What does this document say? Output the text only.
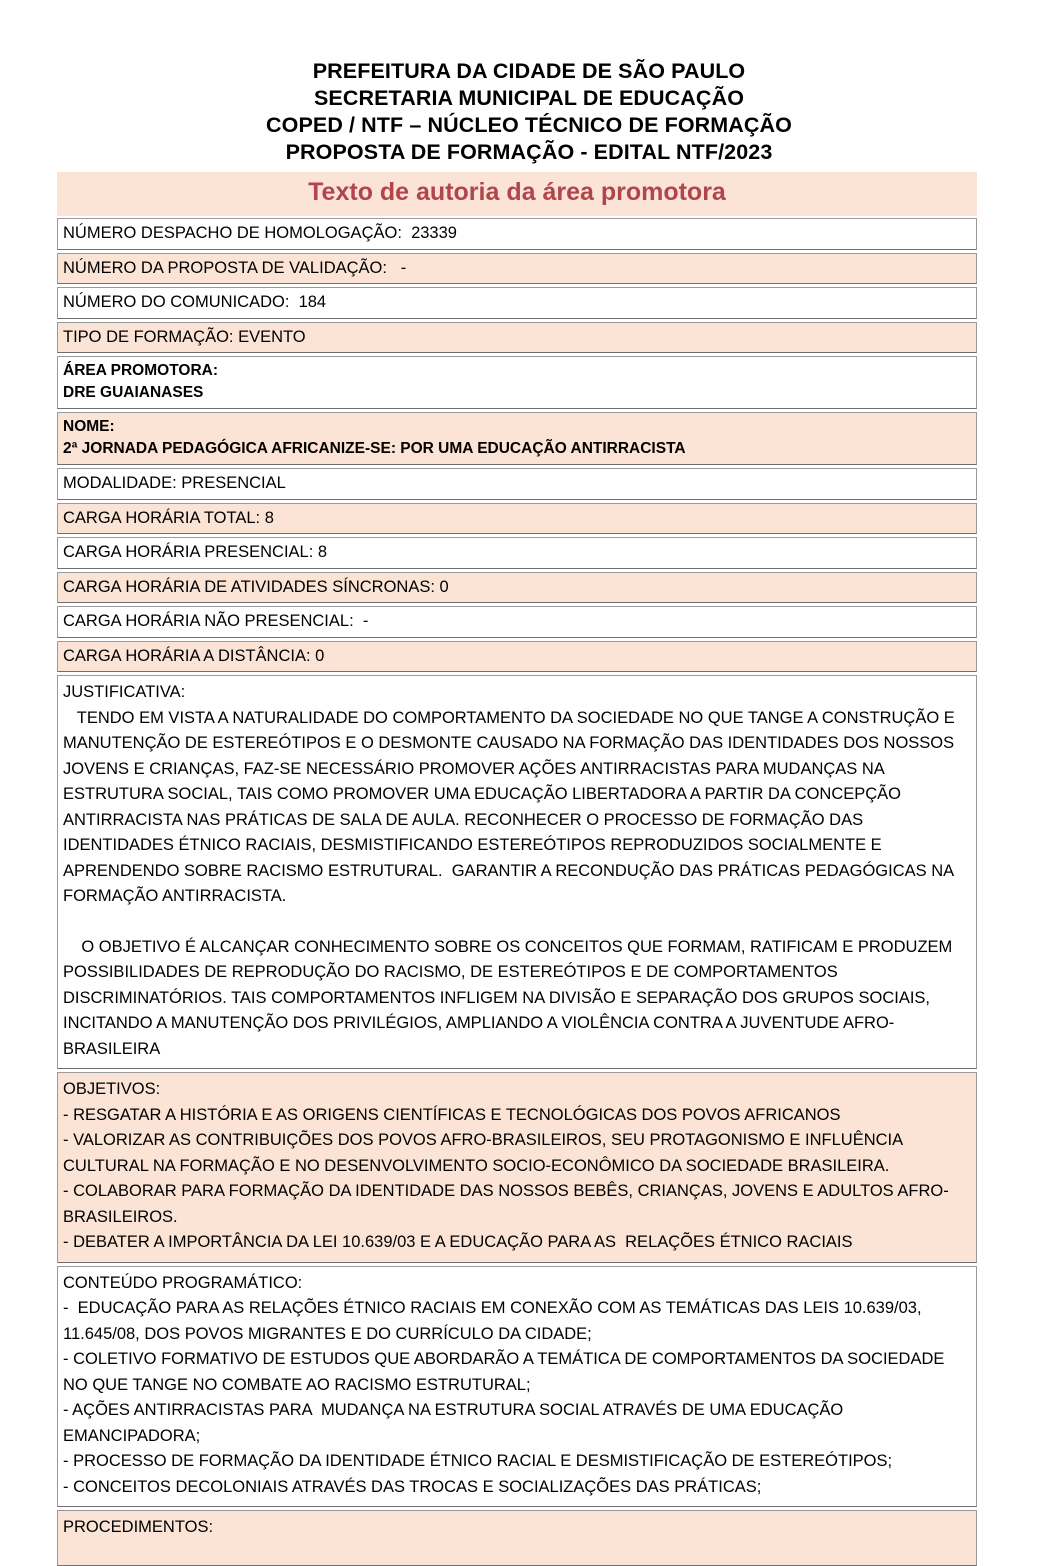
PREFEITURA DA CIDADE DE SÃO PAULO
SECRETARIA MUNICIPAL DE EDUCAÇÃO
COPED / NTF – NÚCLEO TÉCNICO DE FORMAÇÃO
PROPOSTA DE FORMAÇÃO - EDITAL NTF/2023
Texto de autoria da área promotora
NÚMERO DESPACHO DE HOMOLOGAÇÃO:  23339
NÚMERO DA PROPOSTA DE VALIDAÇÃO:   -
NÚMERO DO COMUNICADO:  184
TIPO DE FORMAÇÃO: EVENTO
ÁREA PROMOTORA:
DRE GUAIANASES
NOME:
2ª JORNADA PEDAGÓGICA AFRICANIZE-SE: POR UMA EDUCAÇÃO ANTIRRACISTA
MODALIDADE: PRESENCIAL
CARGA HORÁRIA TOTAL: 8
CARGA HORÁRIA PRESENCIAL: 8
CARGA HORÁRIA DE ATIVIDADES SÍNCRONAS: 0
CARGA HORÁRIA NÃO PRESENCIAL:  -
CARGA HORÁRIA A DISTÂNCIA: 0
JUSTIFICATIVA:
TENDO EM VISTA A NATURALIDADE DO COMPORTAMENTO DA SOCIEDADE NO QUE TANGE A CONSTRUÇÃO E MANUTENÇÃO DE ESTEREÓTIPOS E O DESMONTE CAUSADO NA FORMAÇÃO DAS IDENTIDADES DOS NOSSOS JOVENS E CRIANÇAS, FAZ-SE NECESSÁRIO PROMOVER AÇÕES ANTIRRACISTAS PARA MUDANÇAS NA ESTRUTURA SOCIAL, TAIS COMO PROMOVER UMA EDUCAÇÃO LIBERTADORA A PARTIR DA CONCEPÇÃO ANTIRRACISTA NAS PRÁTICAS DE SALA DE AULA. RECONHECER O PROCESSO DE FORMAÇÃO DAS IDENTIDADES ÉTNICO RACIAIS, DESMISTIFICANDO ESTEREÓTIPOS REPRODUZIDOS SOCIALMENTE E APRENDENDO SOBRE RACISMO ESTRUTURAL.  GARANTIR A RECONDUÇÃO DAS PRÁTICAS PEDAGÓGICAS NA FORMAÇÃO ANTIRRACISTA.
O OBJETIVO É ALCANÇAR CONHECIMENTO SOBRE OS CONCEITOS QUE FORMAM, RATIFICAM E PRODUZEM POSSIBILIDADES DE REPRODUÇÃO DO RACISMO, DE ESTEREÓTIPOS E DE COMPORTAMENTOS DISCRIMINATÓRIOS. TAIS COMPORTAMENTOS INFLIGEM NA DIVISÃO E SEPARAÇÃO DOS GRUPOS SOCIAIS, INCITANDO A MANUTENÇÃO DOS PRIVILÉGIOS, AMPLIANDO A VIOLÊNCIA CONTRA A JUVENTUDE AFRO-BRASILEIRA
OBJETIVOS:
- RESGATAR A HISTÓRIA E AS ORIGENS CIENTÍFICAS E TECNOLÓGICAS DOS POVOS AFRICANOS
- VALORIZAR AS CONTRIBUIÇÕES DOS POVOS AFRO-BRASILEIROS, SEU PROTAGONISMO E INFLUÊNCIA CULTURAL NA FORMAÇÃO E NO DESENVOLVIMENTO SOCIO-ECONÔMICO DA SOCIEDADE BRASILEIRA.
- COLABORAR PARA FORMAÇÃO DA IDENTIDADE DAS NOSSOS BEBÊS, CRIANÇAS, JOVENS E ADULTOS AFRO-BRASILEIROS.
- DEBATER A IMPORTÂNCIA DA LEI 10.639/03 E A EDUCAÇÃO PARA AS  RELAÇÕES ÉTNICO RACIAIS
CONTEÚDO PROGRAMÁTICO:
-  EDUCAÇÃO PARA AS RELAÇÕES ÉTNICO RACIAIS EM CONEXÃO COM AS TEMÁTICAS DAS LEIS 10.639/03, 11.645/08, DOS POVOS MIGRANTES E DO CURRÍCULO DA CIDADE;
- COLETIVO FORMATIVO DE ESTUDOS QUE ABORDARÃO A TEMÁTICA DE COMPORTAMENTOS DA SOCIEDADE NO QUE TANGE NO COMBATE AO RACISMO ESTRUTURAL;
- AÇÕES ANTIRRACISTAS PARA  MUDANÇA NA ESTRUTURA SOCIAL ATRAVÉS DE UMA EDUCAÇÃO EMANCIPADORA;
- PROCESSO DE FORMAÇÃO DA IDENTIDADE ÉTNICO RACIAL E DESMISTIFICAÇÃO DE ESTEREÓTIPOS;
- CONCEITOS DECOLONIAIS ATRAVÉS DAS TROCAS E SOCIALIZAÇÕES DAS PRÁTICAS;
PROCEDIMENTOS:
